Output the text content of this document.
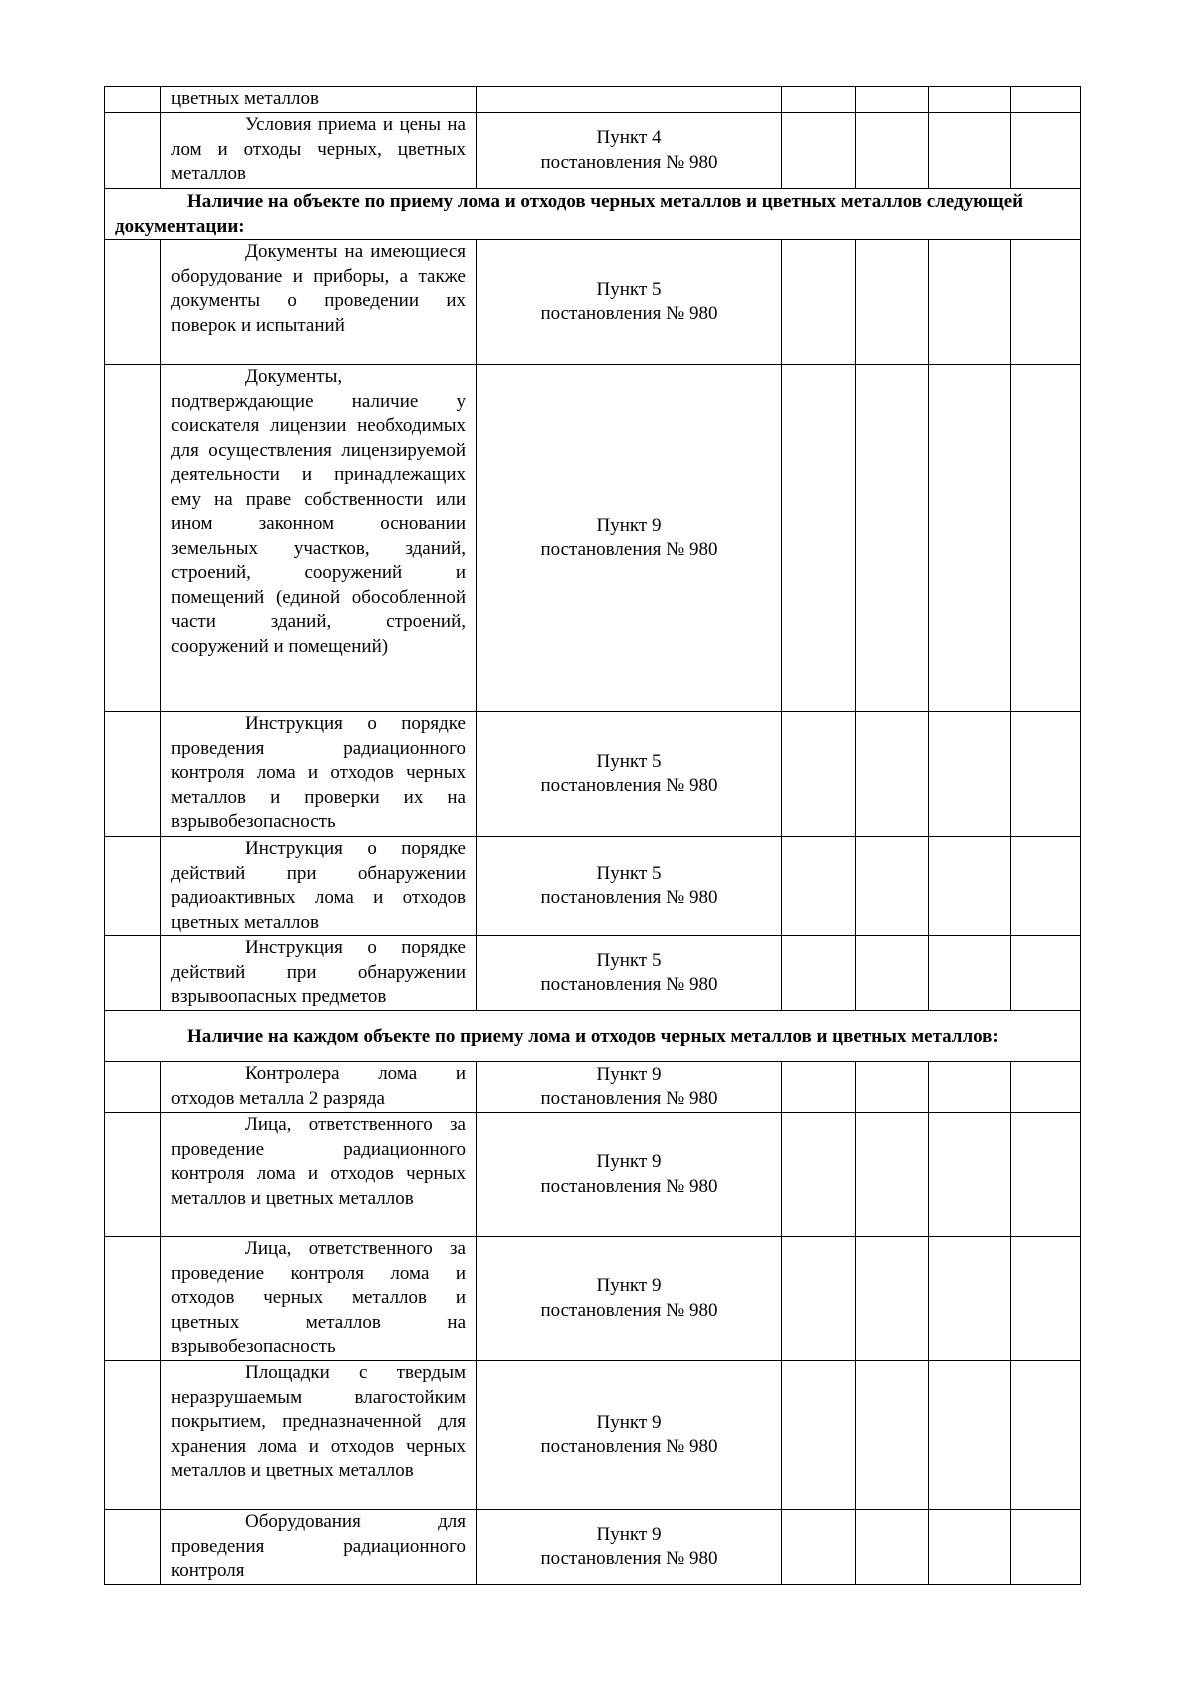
	цветных металлов					

	Условия приема и цены на лом и отходы черных, цветных металлов	Пункт 4
постановления № 980				

Наличие на объекте по приему лома и отходов черных металлов и цветных металлов следующей документации:						

	Документы на имеющиеся оборудование и приборы, а также документы о проведении их поверок и испытаний	Пункт 5
постановления № 980				

	Документы, подтверждающие наличие у соискателя лицензии необходимых для осуществления лицензируемой деятельности и принадлежащих ему на праве собственности или ином законном основании земельных участков, зданий, строений, сооружений и помещений (единой обособленной части зданий, строений, сооружений и помещений)	Пункт 9
постановления № 980				

	Инструкция о порядке проведения радиационного контроля лома и отходов черных металлов и проверки их на взрывобезопасность	Пункт 5
постановления № 980				

	Инструкция о порядке действий при обнаружении радиоактивных лома и отходов цветных металлов	Пункт 5
постановления № 980				

	Инструкция о порядке действий при обнаружении взрывоопасных предметов	Пункт 5
постановления № 980				

Наличие на каждом объекте по приему лома и отходов черных металлов и цветных металлов:						

	Контролера лома и отходов металла 2 разряда	Пункт 9
постановления № 980				

	Лица, ответственного за проведение радиационного контроля лома и отходов черных металлов и цветных металлов	Пункт 9
постановления № 980				

	Лица, ответственного за проведение контроля лома и отходов черных металлов и цветных металлов на взрывобезопасность	Пункт 9
постановления № 980				

	Площадки с твердым неразрушаемым влагостойким покрытием, предназначенной для хранения лома и отходов черных металлов и цветных металлов	Пункт 9
постановления № 980				

	Оборудования для проведения радиационного контроля	Пункт 9
постановления № 980				
